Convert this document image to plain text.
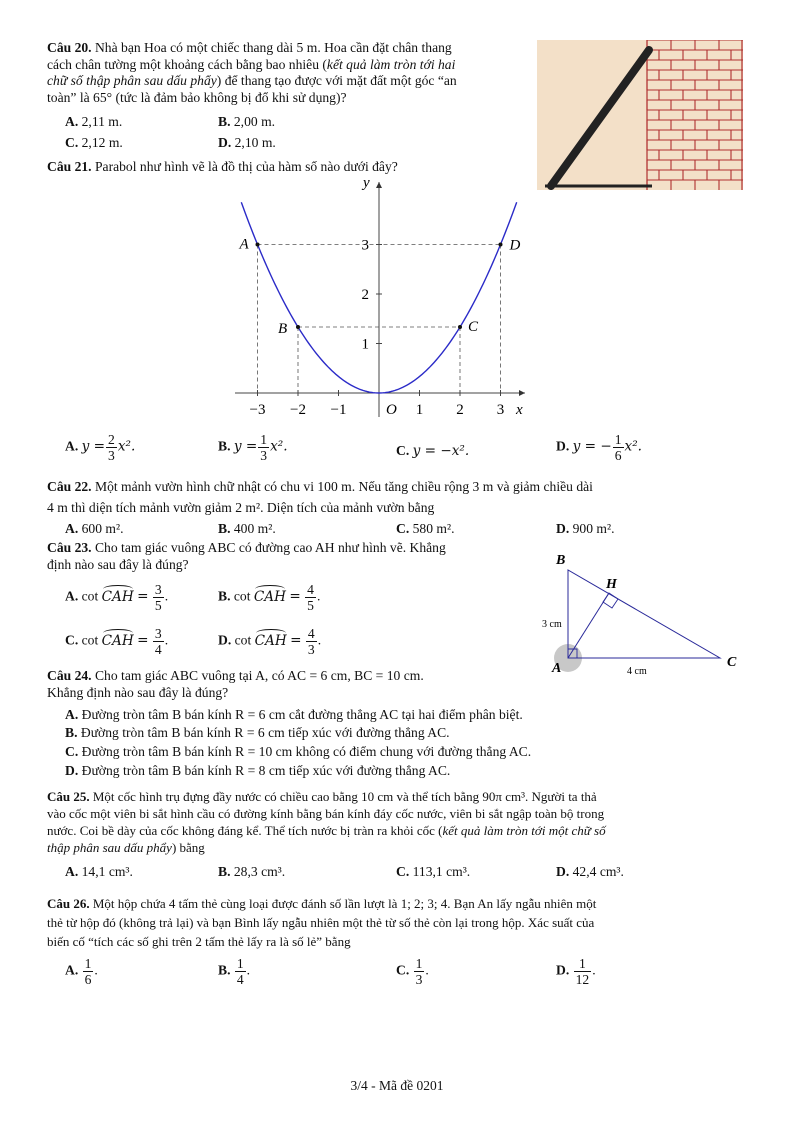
Câu 20. Nhà bạn Hoa có một chiếc thang dài 5 m. Hoa cần đặt chân thang
cách chân tường một khoảng cách bằng bao nhiêu (kết quả làm tròn tới hai
chữ số thập phân sau dấu phẩy) để thang tạo được với mặt đất một góc “an
toàn” là 65° (tức là đảm bảo không bị đổ khi sử dụng)?
A. 2,11 m.	B. 2,00 m.
C. 2,12 m.	D. 2,10 m.
Câu 21. Parabol như hình vẽ là đồ thị của hàm số nào dưới đây?
A
B	C
D
−3 −2 −1	1 2 3
1
2
3
y
x
O
A. $y = \frac{2}{3} x^2$.	B. $y = \frac{1}{3} x^2$.	C. y = −x².	D. y = − $\frac{1}{6} x^2$.
Câu 22. Một mảnh vườn hình chữ nhật có chu vi 100 m. Nếu tăng chiều rộng 3 m và giảm chiều dài
4 m thì diện tích mảnh vườn giảm 2 m². Diện tích của mảnh vườn bằng
A. 600 m².	B. 400 m².	C. 580 m².	D. 900 m².
Câu 23. Cho tam giác vuông ABC có đường cao AH như hình vẽ. Khẳng
định nào sau đây là đúng?
A. cot CAH = $\frac{3}{5}$ .	B. cot CAH = $\frac{4}{5}$ .
C. cot CAH = $\frac{3}{4}$ .	D. cot CAH = $\frac{4}{3}$ .
B
H
A	C
3 cm
4 cm
Câu 24. Cho tam giác ABC vuông tại A, có AC = 6 cm, BC = 10 cm.
Khẳng định nào sau đây là đúng?
A. Đường tròn tâm B bán kính R = 6 cm cắt đường thẳng AC tại hai điểm phân biệt.
B. Đường tròn tâm B bán kính R = 6 cm tiếp xúc với đường thẳng AC.
C. Đường tròn tâm B bán kính R = 10 cm không có điểm chung với đường thẳng AC.
D. Đường tròn tâm B bán kính R = 8 cm tiếp xúc với đường thẳng AC.
Câu 25. Một cốc hình trụ đựng đầy nước có chiều cao bằng 10 cm và thể tích bằng 90π cm³. Người ta thả
vào cốc một viên bi sắt hình cầu có đường kính bằng bán kính đáy cốc nước, viên bi sắt ngập toàn bộ trong
nước. Coi bề dày của cốc không đáng kể. Thể tích nước bị tràn ra khỏi cốc (kết quả làm tròn tới một chữ số
thập phân sau dấu phẩy) bằng
A. 14,1 cm³.	B. 28,3 cm³.	C. 113,1 cm³.	D. 42,4 cm³.
Câu 26. Một hộp chứa 4 tấm thẻ cùng loại được đánh số lần lượt là 1; 2; 3; 4. Bạn An lấy ngẫu nhiên một
thẻ từ hộp đó (không trả lại) và bạn Bình lấy ngẫu nhiên một thẻ từ số thẻ còn lại trong hộp. Xác suất của
biến cố “tích các số ghi trên 2 tấm thẻ lấy ra là số lẻ” bằng
A. $\frac{1}{6}$ .	B. $\frac{1}{4}$ .	C. $\frac{1}{3}$ .	D. $\frac{1}{12}$ .
3/4 - Mã đề 0201
